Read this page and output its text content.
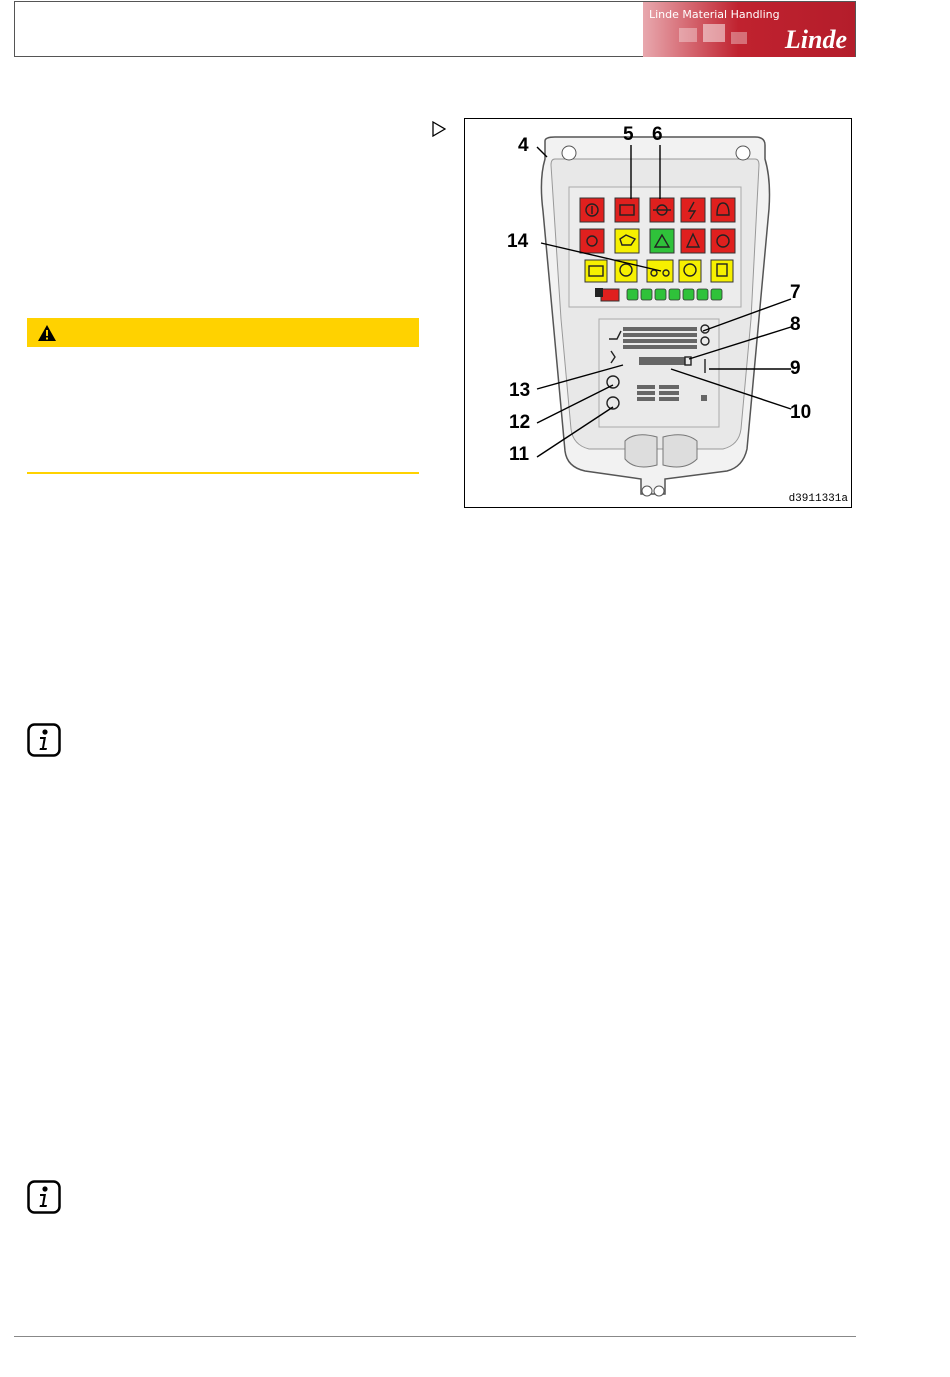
Linde Material Handling
Linde
4
5 6
7
8
9
10
11
12
13
14
d3911331a
